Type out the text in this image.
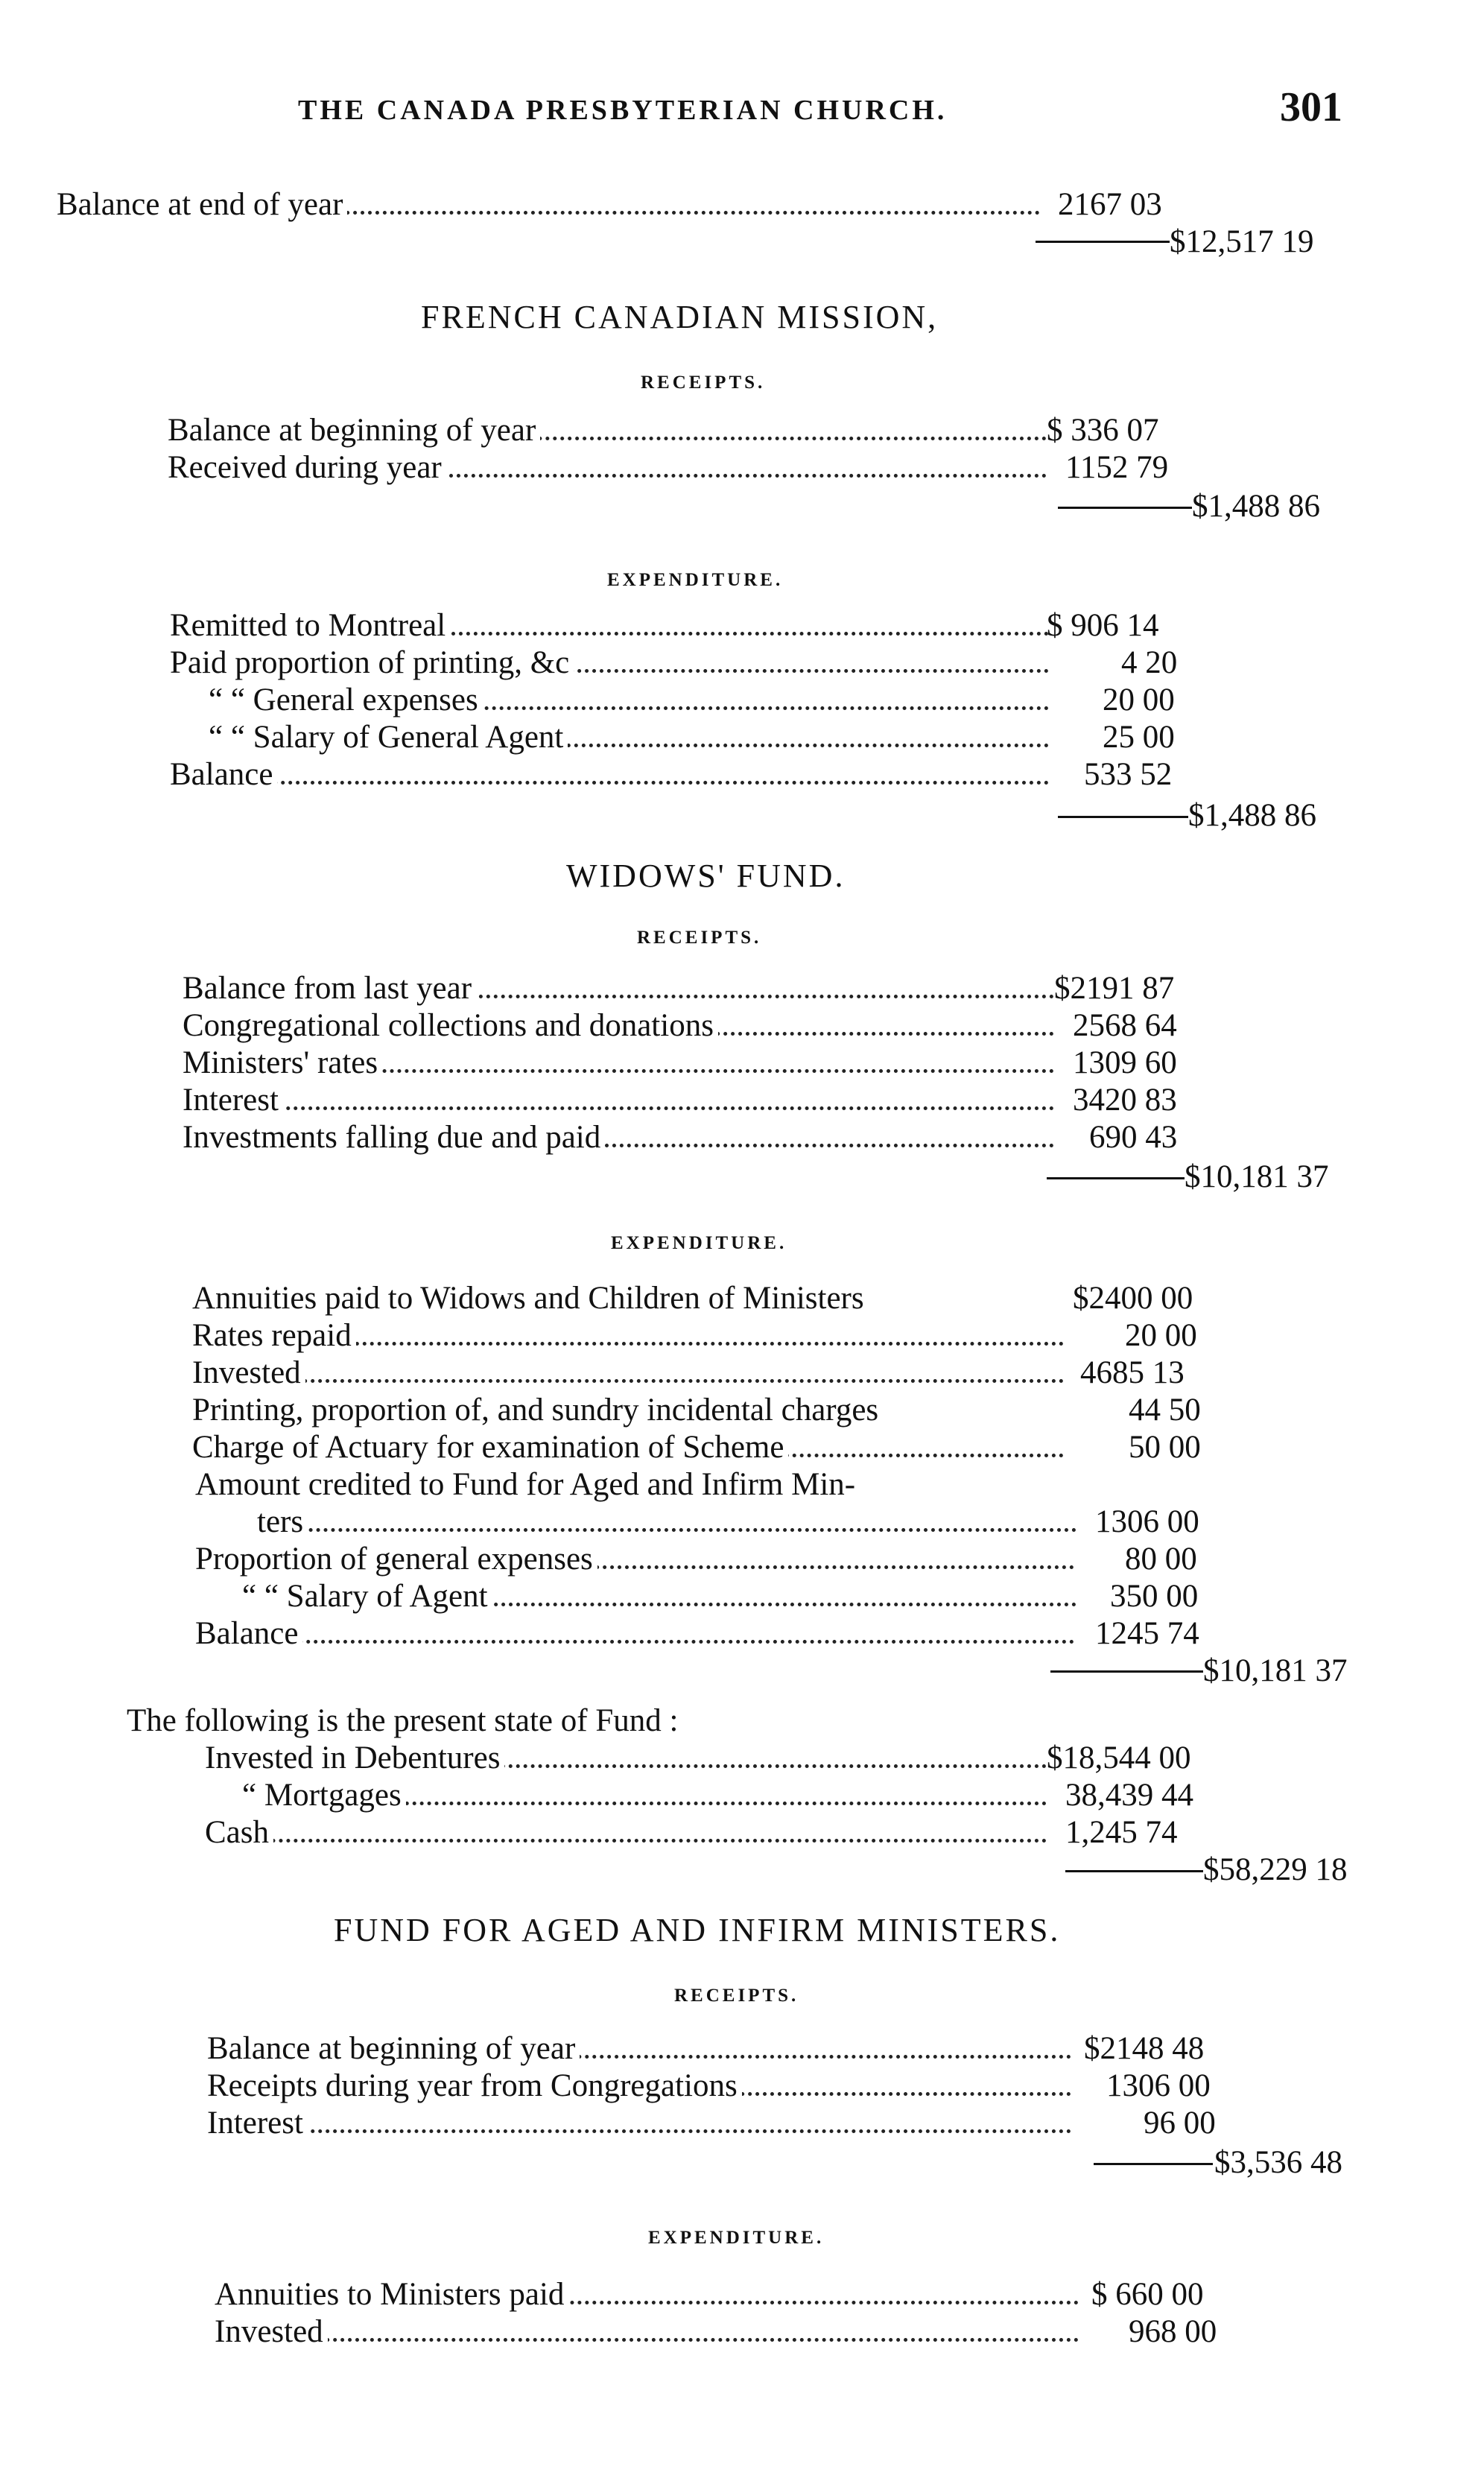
THE CANADA PRESBYTERIAN CHURCH.	301
Balance at end of year	2167 03
$12,517 19
FRENCH CANADIAN MISSION,
RECEIPTS.
Balance at beginning of year	$ 336 07
Received during year	1152 79
$1,488 86
EXPENDITURE.
Remitted to Montreal	$ 906 14
Paid proportion of printing, &c	4 20
“ “ General expenses	20 00
“ “ Salary of General Agent	25 00
Balance	533 52
$1,488 86
WIDOWS' FUND.
RECEIPTS.
Balance from last year	$2191 87
Congregational collections and donations	2568 64
Ministers' rates	1309 60
Interest	3420 83
Investments falling due and paid	690 43
$10,181 37
EXPENDITURE.
Annuities paid to Widows and Children of Ministers	$2400 00
Rates repaid	20 00
Invested	4685 13
Printing, proportion of, and sundry incidental charges	44 50
Charge of Actuary for examination of Scheme	50 00
Amount credited to Fund for Aged and Infirm Min-
ters	1306 00
Proportion of general expenses	80 00
“ “ Salary of Agent	350 00
Balance	1245 74
$10,181 37
The following is the present state of Fund :
Invested in Debentures	$18,544 00
“ Mortgages	38,439 44
Cash	1,245 74
$58,229 18
FUND FOR AGED AND INFIRM MINISTERS.
RECEIPTS.
Balance at beginning of year	$2148 48
Receipts during year from Congregations	1306 00
Interest	96 00
$3,536 48
EXPENDITURE.
Annuities to Ministers paid	$ 660 00
Invested	968 00
